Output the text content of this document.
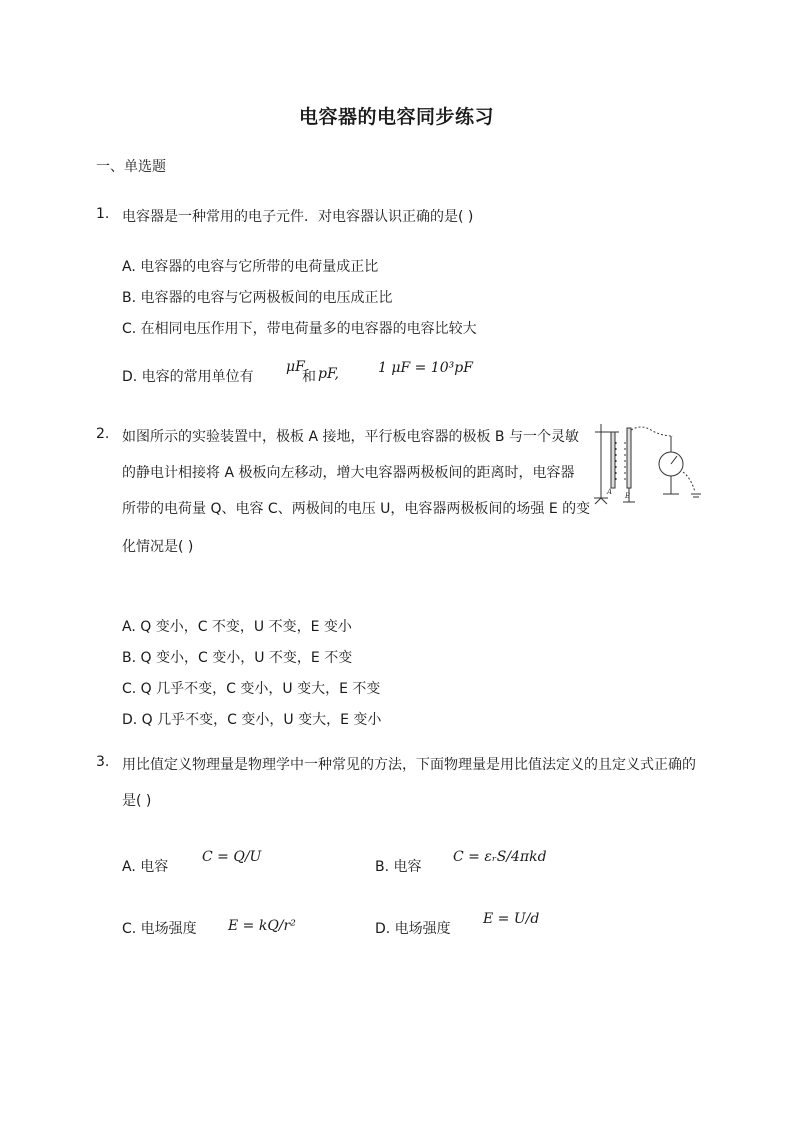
电容器的电容同步练习
一、单选题
1. 电容器是一种常用的电子元件．对电容器认识正确的是( )
A. 电容器的电容与它所带的电荷量成正比
B. 电容器的电容与它两极板间的电压成正比
C. 在相同电压作用下，带电荷量多的电容器的电容比较大
D. 电容的常用单位有
μF
和 pF,	1 μF = 10³pF
2. 如图所示的实验装置中，极板 A 接地，平行板电容器的极板 B 与一个灵敏
的静电计相接将 A 极板向左移动，增大电容器两极板间的距离时，电容器
所带的电荷量 Q、电容 C、两极间的电压 U，电容器两极板间的场强 E 的变
化情况是( )
A B
A. Q 变小，C 不变，U 不变，E 变小
B. Q 变小，C 变小，U 不变，E 不变
C. Q 几乎不变，C 变小，U 变大，E 不变
D. Q 几乎不变，C 变小，U 变大，E 变小
3. 用比值定义物理量是物理学中一种常见的方法，下面物理量是用比值法定义的且定义式正确的
是( )
A. 电容
C = Q/U
B. 电容
C = εᵣS/4πkd
C. 电场强度 E = kQ/r²	D. 电场强度
E = U/d
